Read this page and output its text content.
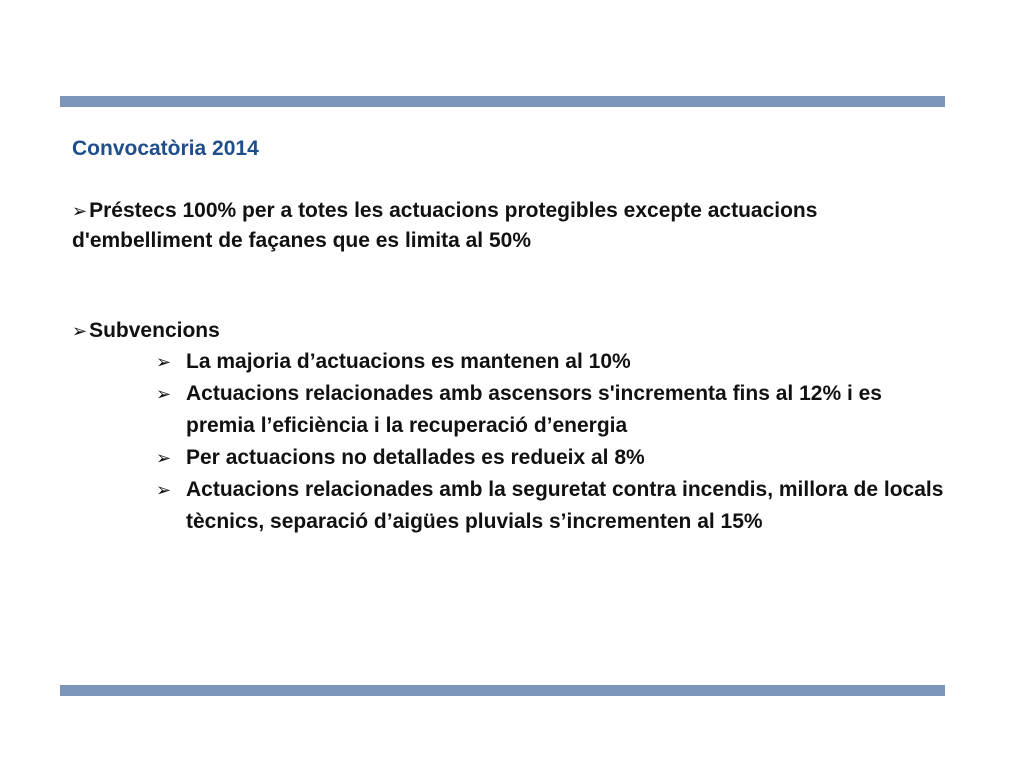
Convocatòria 2014
➢Préstecs 100% per a totes les actuacions protegibles excepte actuacions d'embelliment de façanes que es limita al 50%
➢Subvencions
➢ La majoria d’actuacions es mantenen al 10%
➢ Actuacions relacionades amb ascensors s'incrementa fins al 12% i es premia l’eficiència i la recuperació d’energia
➢ Per actuacions no detallades es redueix al 8%
➢ Actuacions relacionades amb la seguretat contra incendis, millora de locals tècnics, separació d’aigües pluvials s’incrementen al 15%
